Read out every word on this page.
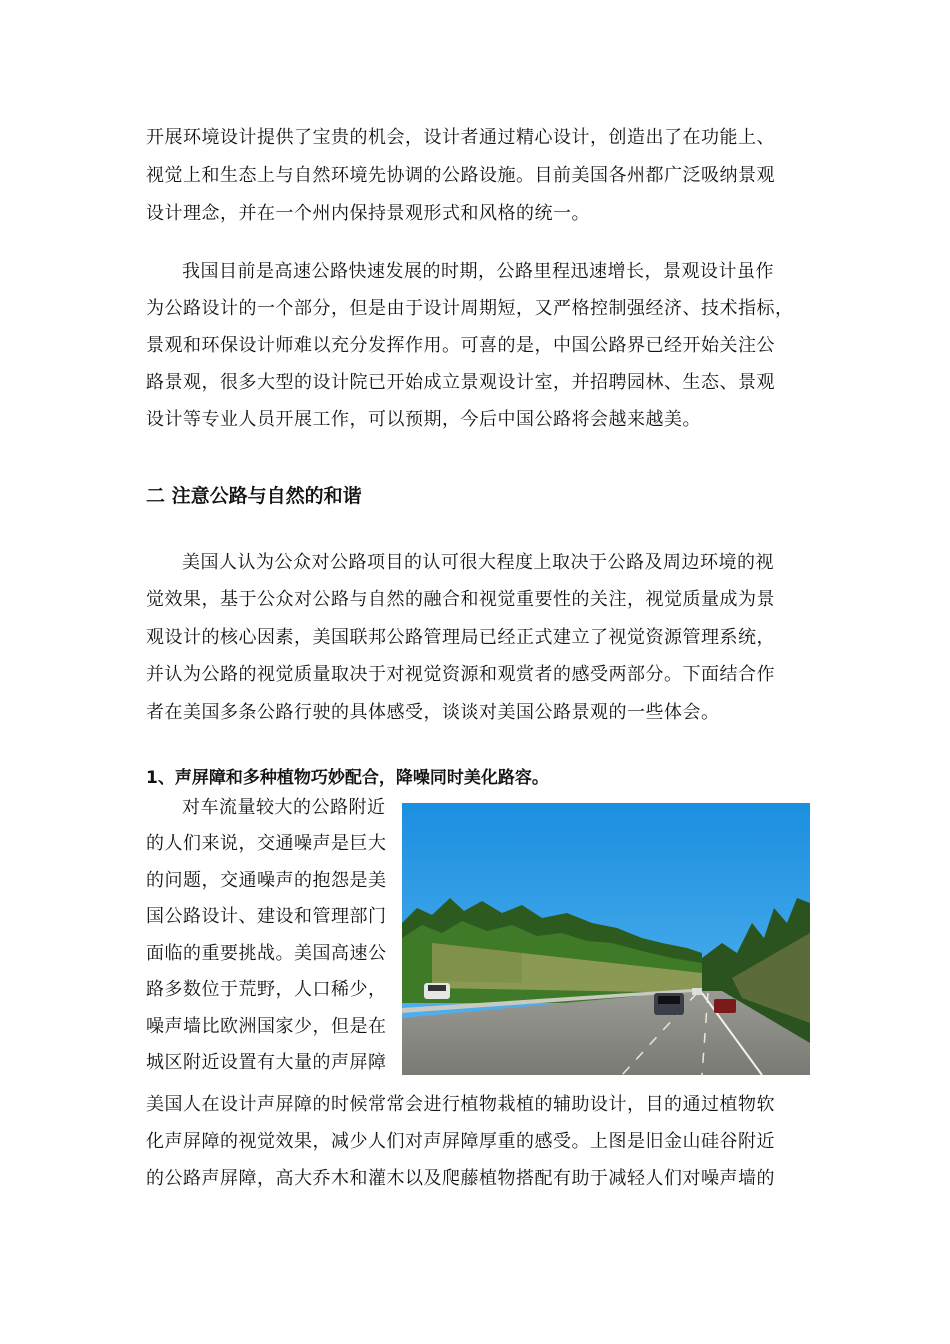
开展环境设计提供了宝贵的机会，设计者通过精心设计，创造出了在功能上、
视觉上和生态上与自然环境先协调的公路设施。目前美国各州都广泛吸纳景观
设计理念，并在一个州内保持景观形式和风格的统一。
我国目前是高速公路快速发展的时期，公路里程迅速增长，景观设计虽作
为公路设计的一个部分，但是由于设计周期短，又严格控制强经济、技术指标，
景观和环保设计师难以充分发挥作用。可喜的是，中国公路界已经开始关注公
路景观，很多大型的设计院已开始成立景观设计室，并招聘园林、生态、景观
设计等专业人员开展工作，可以预期，今后中国公路将会越来越美。
二 注意公路与自然的和谐
美国人认为公众对公路项目的认可很大程度上取决于公路及周边环境的视
觉效果，基于公众对公路与自然的融合和视觉重要性的关注，视觉质量成为景
观设计的核心因素，美国联邦公路管理局已经正式建立了视觉资源管理系统，
并认为公路的视觉质量取决于对视觉资源和观赏者的感受两部分。下面结合作
者在美国多条公路行驶的具体感受，谈谈对美国公路景观的一些体会。
1、声屏障和多种植物巧妙配合，降噪同时美化路容。
对车流量较大的公路附近
的人们来说，交通噪声是巨大
的问题，交通噪声的抱怨是美
国公路设计、建设和管理部门
面临的重要挑战。美国高速公
路多数位于荒野，人口稀少，
噪声墙比欧洲国家少，但是在
城区附近设置有大量的声屏障
美国人在设计声屏障的时候常常会进行植物栽植的辅助设计，目的通过植物软
化声屏障的视觉效果，减少人们对声屏障厚重的感受。上图是旧金山硅谷附近
的公路声屏障，高大乔木和灌木以及爬藤植物搭配有助于减轻人们对噪声墙的
